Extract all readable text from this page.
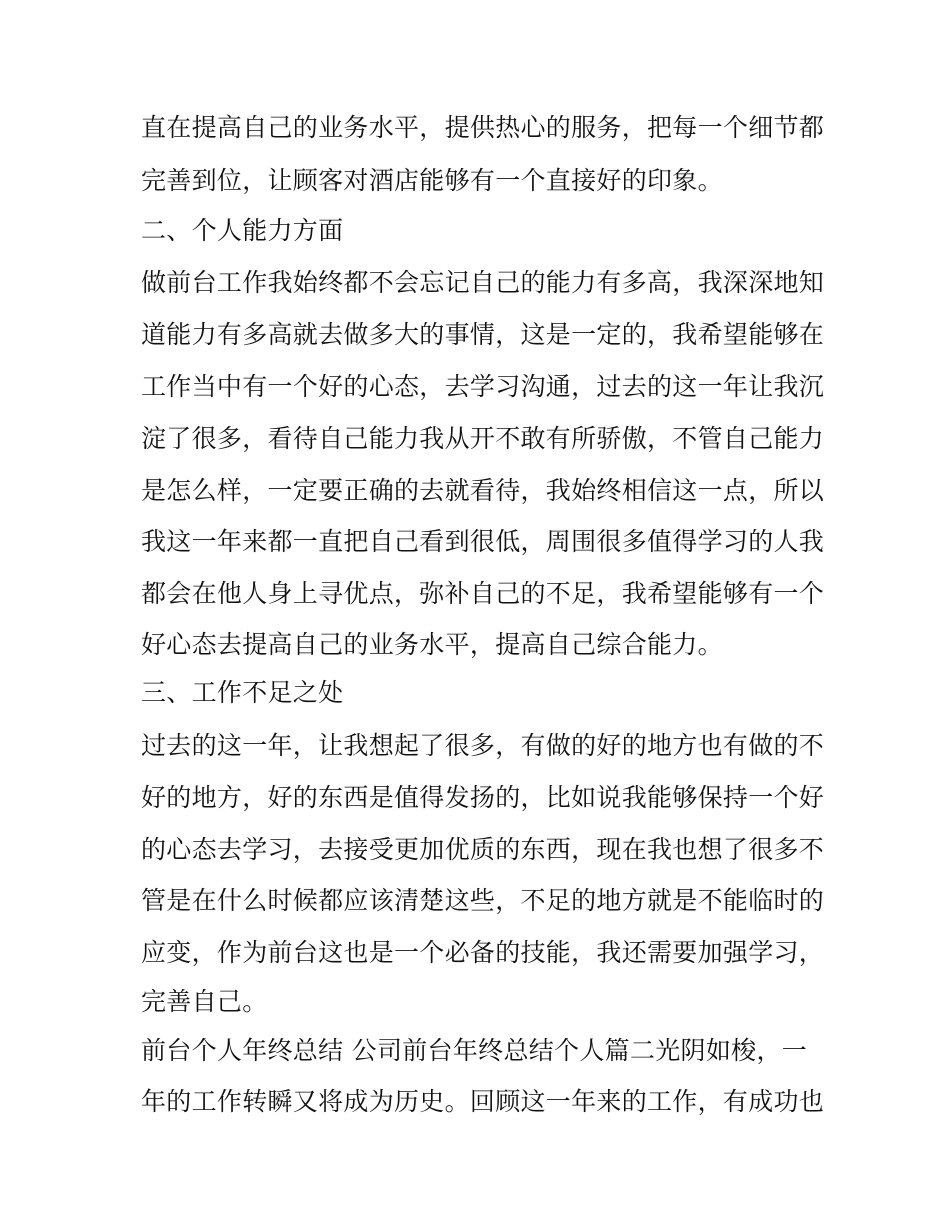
直在提高自己的业务水平，提供热心的服务，把每一个细节都
完善到位，让顾客对酒店能够有一个直接好的印象。
二、个人能力方面
做前台工作我始终都不会忘记自己的能力有多高，我深深地知
道能力有多高就去做多大的事情，这是一定的，我希望能够在
工作当中有一个好的心态，去学习沟通，过去的这一年让我沉
淀了很多，看待自己能力我从开不敢有所骄傲，不管自己能力
是怎么样，一定要正确的去就看待，我始终相信这一点，所以
我这一年来都一直把自己看到很低，周围很多值得学习的人我
都会在他人身上寻优点，弥补自己的不足，我希望能够有一个
好心态去提高自己的业务水平，提高自己综合能力。
三、工作不足之处
过去的这一年，让我想起了很多，有做的好的地方也有做的不
好的地方，好的东西是值得发扬的，比如说我能够保持一个好
的心态去学习，去接受更加优质的东西，现在我也想了很多不
管是在什么时候都应该清楚这些，不足的地方就是不能临时的
应变，作为前台这也是一个必备的技能，我还需要加强学习，
完善自己。
前台个人年终总结 公司前台年终总结个人篇二光阴如梭，一
年的工作转瞬又将成为历史。回顾这一年来的工作，有成功也
